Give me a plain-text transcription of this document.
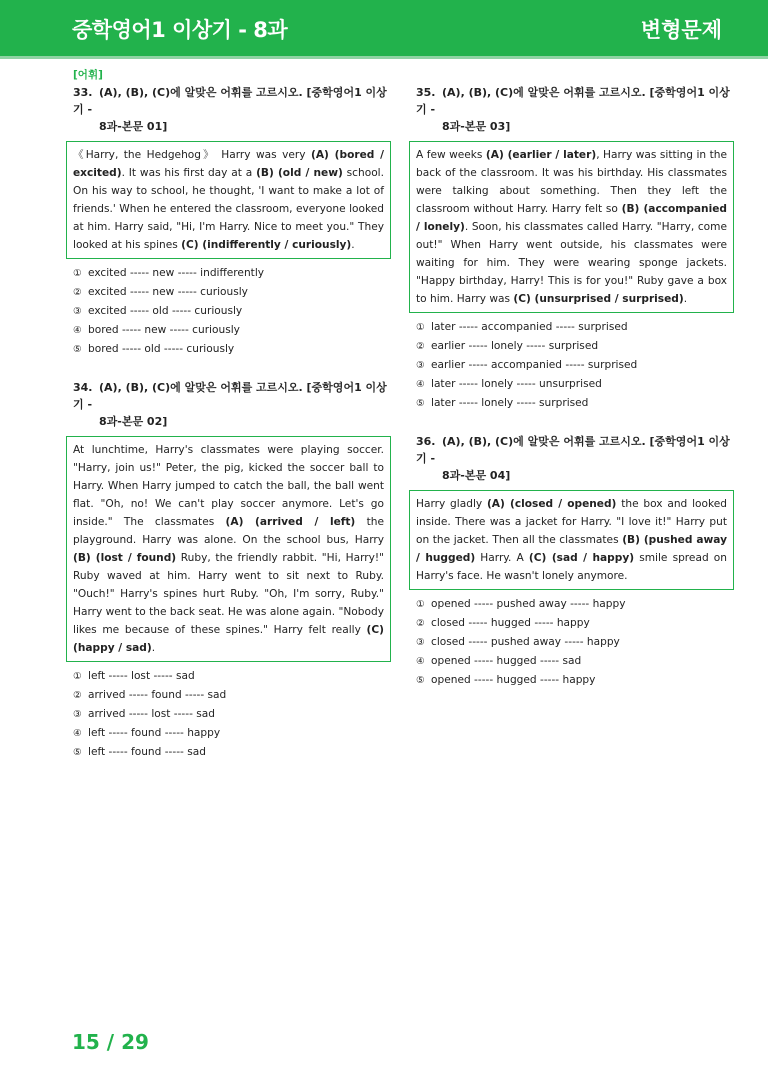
중학영어1 이상기 - 8과	변형문제
[어휘]
33. (A), (B), (C)에 알맞은 어휘를 고르시오. [중학영어1 이상기 -
8과-본문 01]
《Harry, the Hedgehog》 Harry was very (A) (bored / excited). It was his first day at a (B) (old / new) school. On his way to school, he thought, 'I want to make a lot of friends.' When he entered the classroom, everyone looked at him. Harry said, "Hi, I'm Harry. Nice to meet you." They looked at his spines (C) (indifferently / curiously).
① excited ----- new ----- indifferently
② excited ----- new ----- curiously
③ excited ----- old ----- curiously
④ bored ----- new ----- curiously
⑤ bored ----- old ----- curiously
34. (A), (B), (C)에 알맞은 어휘를 고르시오. [중학영어1 이상기 -
8과-본문 02]
At lunchtime, Harry's classmates were playing soccer. "Harry, join us!" Peter, the pig, kicked the soccer ball to Harry. When Harry jumped to catch the ball, the ball went flat. "Oh, no! We can't play soccer anymore. Let's go inside." The classmates (A) (arrived / left) the playground. Harry was alone. On the school bus, Harry (B) (lost / found) Ruby, the friendly rabbit. "Hi, Harry!" Ruby waved at him. Harry went to sit next to Ruby. "Ouch!" Harry's spines hurt Ruby. "Oh, I'm sorry, Ruby." Harry went to the back seat. He was alone again. "Nobody likes me because of these spines." Harry felt really (C) (happy / sad).
① left ----- lost ----- sad
② arrived ----- found ----- sad
③ arrived ----- lost ----- sad
④ left ----- found ----- happy
⑤ left ----- found ----- sad
35. (A), (B), (C)에 알맞은 어휘를 고르시오. [중학영어1 이상기 -
8과-본문 03]
A few weeks (A) (earlier / later), Harry was sitting in the back of the classroom. It was his birthday. His classmates were talking about something. Then they left the classroom without Harry. Harry felt so (B) (accompanied / lonely). Soon, his classmates called Harry. "Harry, come out!" When Harry went outside, his classmates were waiting for him. They were wearing sponge jackets. "Happy birthday, Harry! This is for you!" Ruby gave a box to him. Harry was (C) (unsurprised / surprised).
① later ----- accompanied ----- surprised
② earlier ----- lonely ----- surprised
③ earlier ----- accompanied ----- surprised
④ later ----- lonely ----- unsurprised
⑤ later ----- lonely ----- surprised
36. (A), (B), (C)에 알맞은 어휘를 고르시오. [중학영어1 이상기 -
8과-본문 04]
Harry gladly (A) (closed / opened) the box and looked inside. There was a jacket for Harry. "I love it!" Harry put on the jacket. Then all the classmates (B) (pushed away / hugged) Harry. A (C) (sad / happy) smile spread on Harry's face. He wasn't lonely anymore.
① opened ----- pushed away ----- happy
② closed ----- hugged ----- happy
③ closed ----- pushed away ----- happy
④ opened ----- hugged ----- sad
⑤ opened ----- hugged ----- happy
15 / 29
